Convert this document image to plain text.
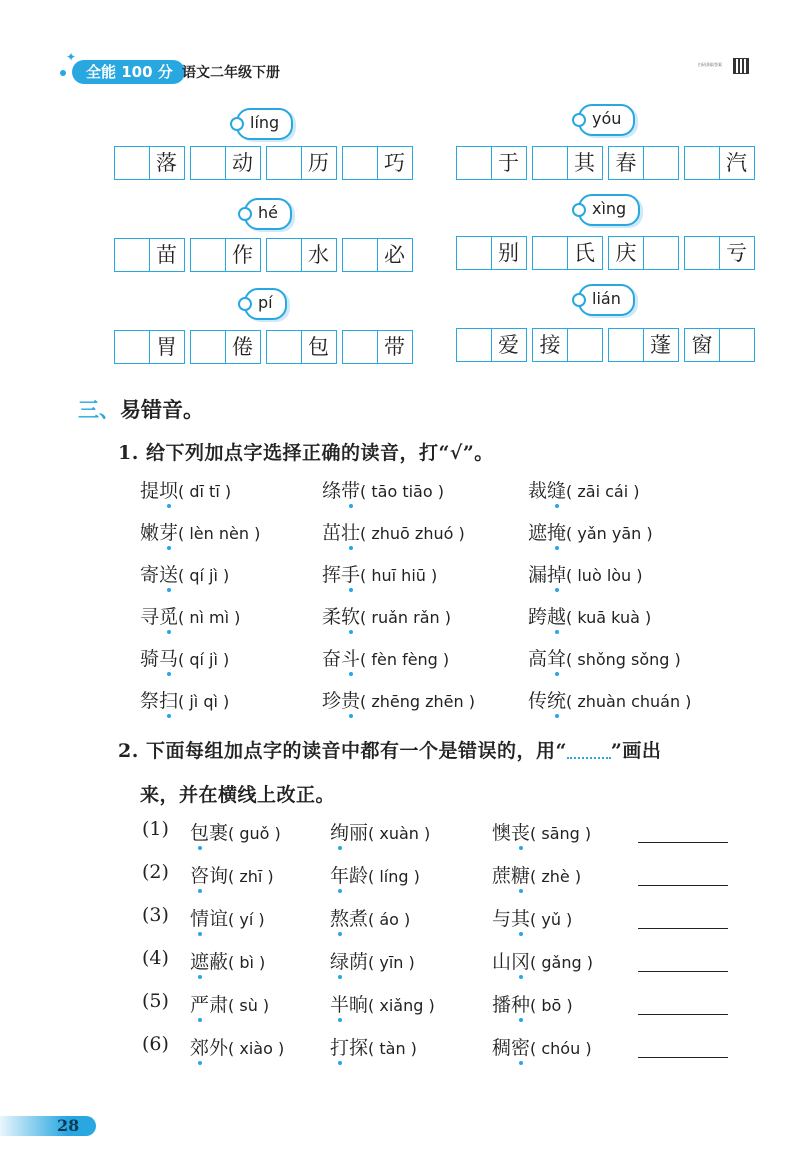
✦
全能 100 分 语文二年级下册
扫码获取答案
líng	yóu
hé	xìng
pí	lián
落	动	历	巧	于	其 春	汽
苗	作	水	必	别	氏 庆	亏
胃	倦	包	带	爱 接	蓬 窗
三、易错音。
1. 给下列加点字选择正确的读音，打“√”。
提坝( dī tī )	绦带( tāo tiāo )	裁缝( zāi cái )
嫩芽( lèn nèn )	茁壮( zhuō zhuó )	遮掩( yǎn yān )
寄送( qí jì )	挥手( huī hiū )	漏掉( luò lòu )
寻觅( nì mì )	柔软( ruǎn rǎn )	跨越( kuā kuà )
骑马( qí jì )	奋斗( fèn fèng )	高耸( shǒng sǒng )
祭扫( jì qì )	珍贵( zhēng zhēn )	传统( zhuàn chuán )
2. 下面每组加点字的读音中都有一个是错误的，用“ ”画出
来，并在横线上改正。
(1) 包裹( guǒ )	绚丽( xuàn )	懊丧( sāng )
(2) 咨询( zhī )	年龄( líng )	蔗糖( zhè )
(3) 情谊( yí )	熬煮( áo )	与其( yǔ )
(4) 遮蔽( bì )	绿荫( yīn )	山冈( gǎng )
(5) 严肃( sù )	半晌( xiǎng )	播种( bō )
(6) 郊外( xiào ) 打探( tàn )	稠密( chóu )
28
